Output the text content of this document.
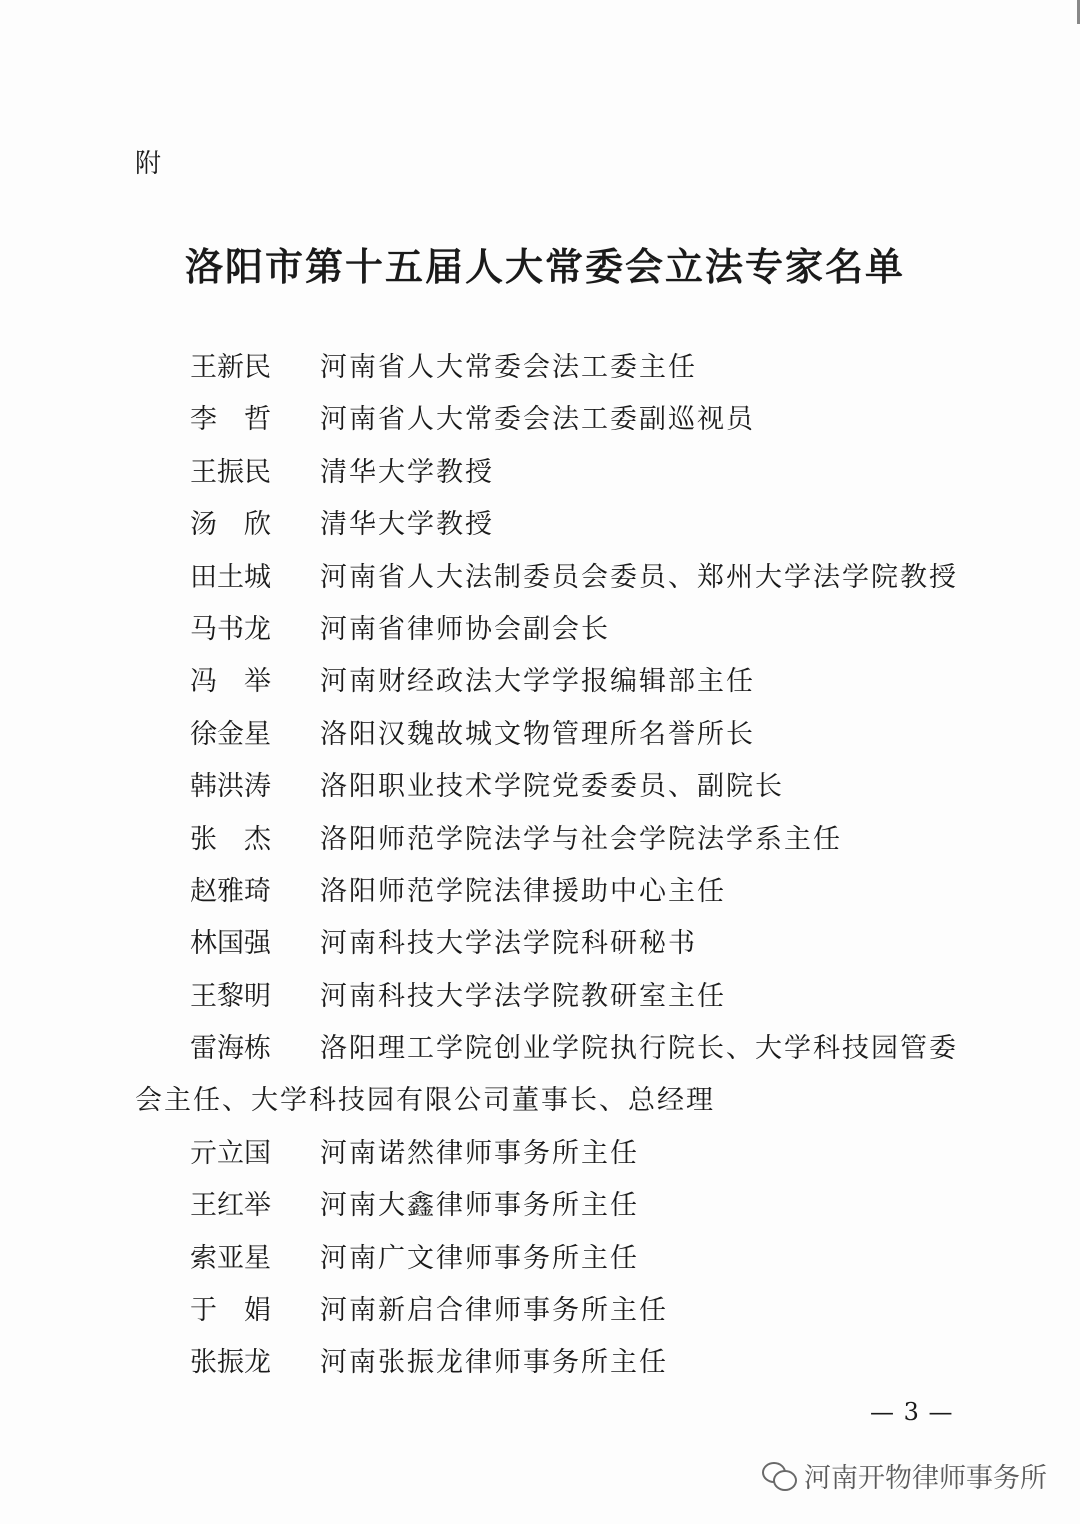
附
洛阳市第十五届人大常委会立法专家名单
王新民	河南省人大常委会法工委主任
李　哲	河南省人大常委会法工委副巡视员
王振民	清华大学教授
汤　欣	清华大学教授
田土城	河南省人大法制委员会委员、郑州大学法学院教授
马书龙	河南省律师协会副会长
冯　举	河南财经政法大学学报编辑部主任
徐金星	洛阳汉魏故城文物管理所名誉所长
韩洪涛	洛阳职业技术学院党委委员、副院长
张　杰	洛阳师范学院法学与社会学院法学系主任
赵雅琦	洛阳师范学院法律援助中心主任
林国强	河南科技大学法学院科研秘书
王黎明	河南科技大学法学院教研室主任
雷海栋	洛阳理工学院创业学院执行院长、大学科技园管委
会主任、大学科技园有限公司董事长、总经理
亓立国	河南诺然律师事务所主任
王红举	河南大鑫律师事务所主任
索亚星	河南广文律师事务所主任
于　娟	河南新启合律师事务所主任
张振龙	河南张振龙律师事务所主任
— 3 —
河南开物律师事务所
